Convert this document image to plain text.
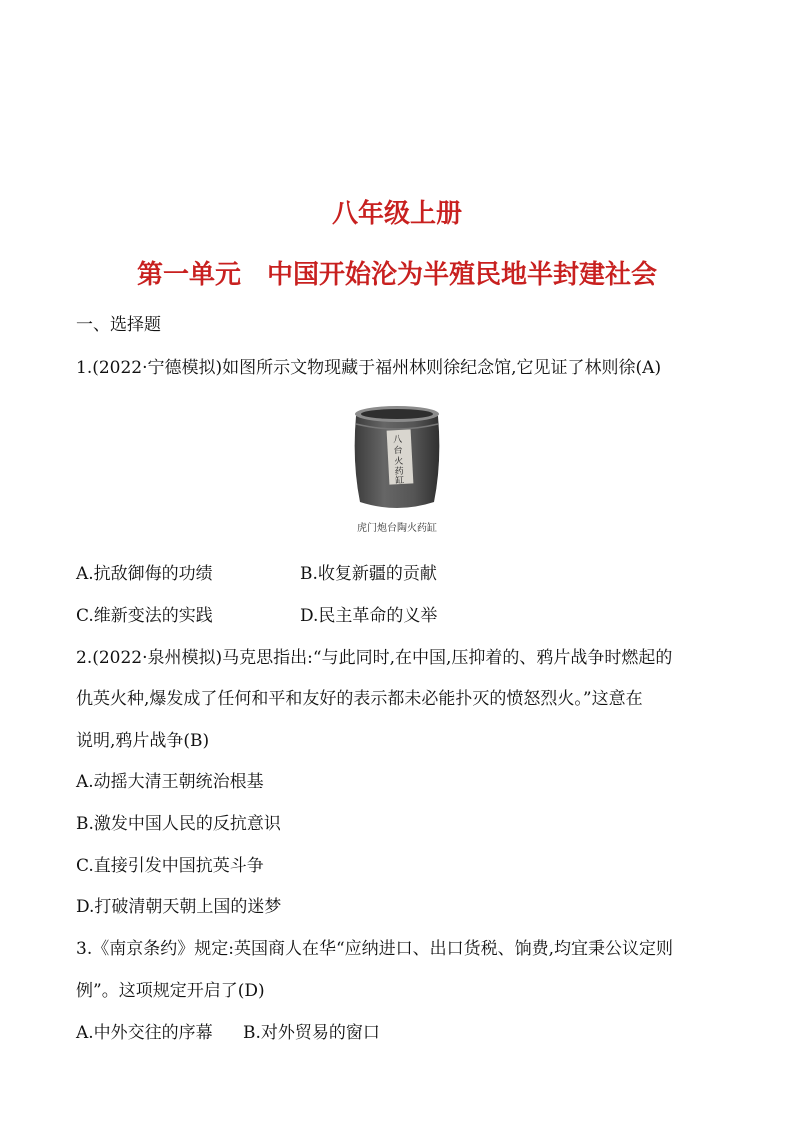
八年级上册
第一单元　中国开始沦为半殖民地半封建社会
一、选择题
1.(2022·宁德模拟)如图所示文物现藏于福州林则徐纪念馆,它见证了林则徐(A)
八
台
火
药
缸
虎门炮台陶火药缸
A.抗敌御侮的功绩	B.收复新疆的贡献
C.维新变法的实践	D.民主革命的义举
2.(2022·泉州模拟)马克思指出:“与此同时,在中国,压抑着的、鸦片战争时燃起的
仇英火种,爆发成了任何和平和友好的表示都未必能扑灭的愤怒烈火。”这意在
说明,鸦片战争(B)
A.动摇大清王朝统治根基
B.激发中国人民的反抗意识
C.直接引发中国抗英斗争
D.打破清朝天朝上国的迷梦
3.《南京条约》规定:英国商人在华“应纳进口、出口货税、饷费,均宜秉公议定则
例”。这项规定开启了(D)
A.中外交往的序幕 B.对外贸易的窗口
